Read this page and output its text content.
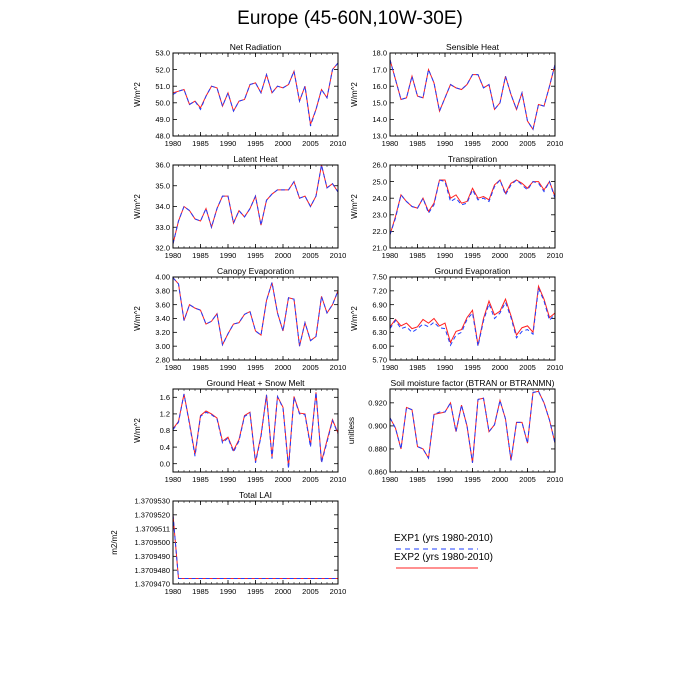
Europe (45-60N,10W-30E)
Net Radiation
1980 1985 1990 1995 2000 2005 2010
48.0
49.0
50.0
51.0
52.0
53.0
W/m^2
Sensible Heat
1980 1985 1990 1995 2000 2005 2010
13.0
14.0
15.0
16.0
17.0
18.0
W/m^2
Latent Heat
1980 1985 1990 1995 2000 2005 2010
32.0
33.0
34.0
35.0
36.0
W/m^2
Transpiration
1980 1985 1990 1995 2000 2005 2010
21.0
22.0
23.0
24.0
25.0
26.0
W/m^2
Canopy Evaporation
1980 1985 1990 1995 2000 2005 2010
2.80
3.00
3.20
3.40
3.60
3.80
4.00
W/m^2
Ground Evaporation
1980 1985 1990 1995 2000 2005 2010
5.70
6.00
6.30
6.60
6.90
7.20
7.50
W/m^2
Ground Heat + Snow Melt
1980 1985 1990 1995 2000 2005 2010
0.0
0.4
0.8
1.2
1.6
W/m^2
Soil moisture factor (BTRAN or BTRANMN)
1980 1985 1990 1995 2000 2005 2010
0.860
0.880
0.900
0.920
unitless
Total LAI
1980 1985 1990 1995 2000 2005 2010
1.3709470
1.3709480
1.3709490
1.3709500
1.3709511
1.3709520
1.3709530
m2/m2	EXP1 (yrs 1980-2010)
EXP2 (yrs 1980-2010)
